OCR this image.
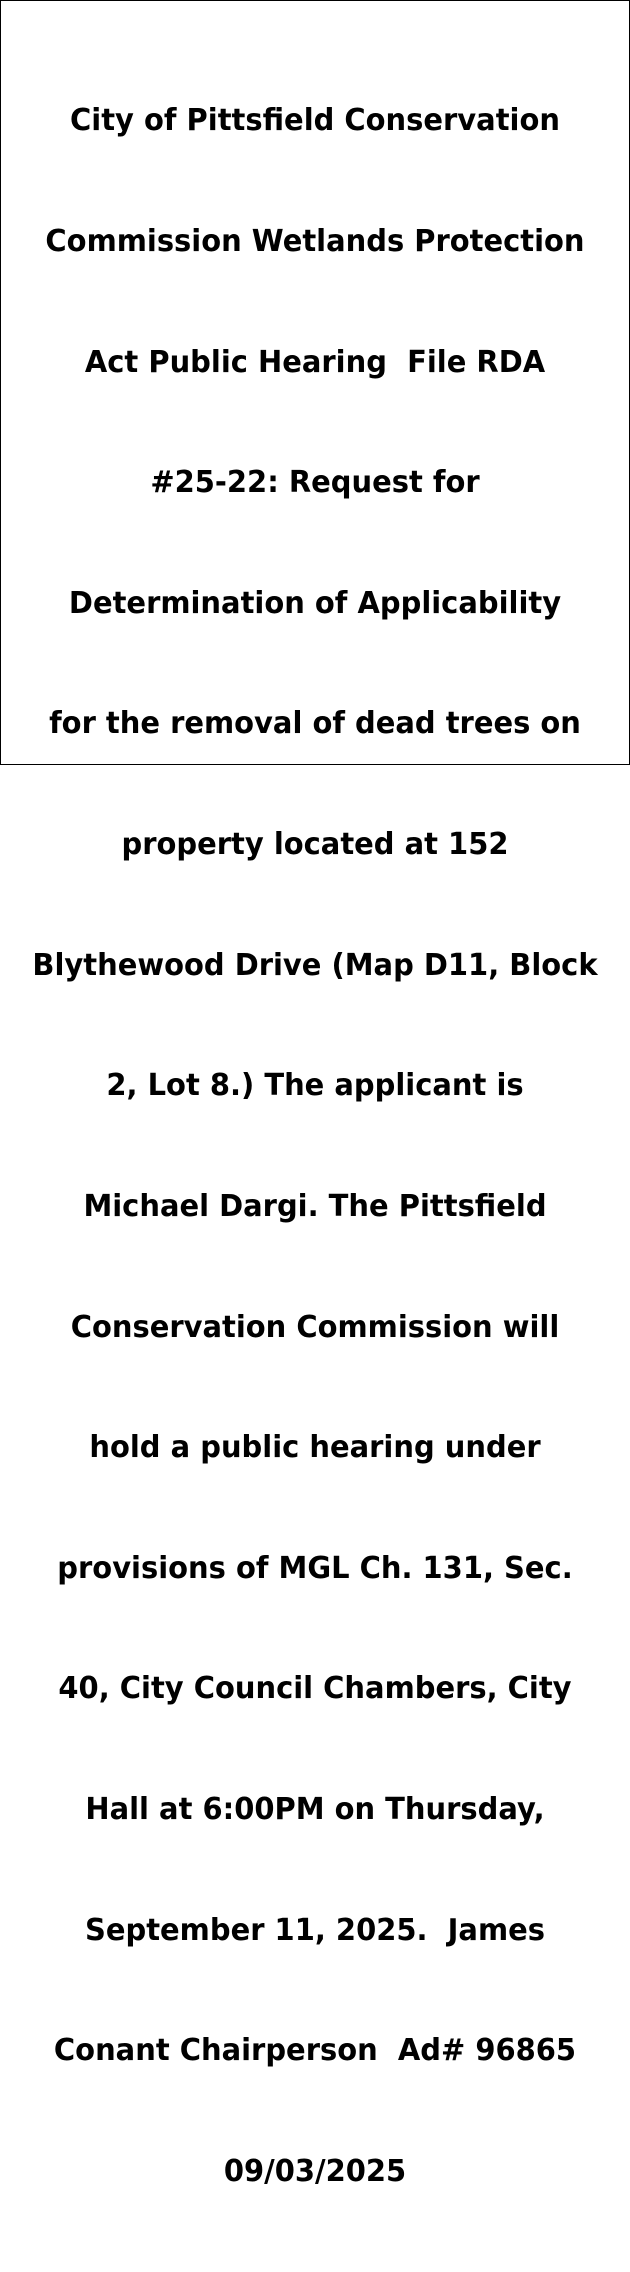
City of Pittsfield Conservation

Commission Wetlands Protection

Act Public Hearing  File RDA

#25-22: Request for

Determination of Applicability

for the removal of dead trees on

property located at 152

Blythewood Drive (Map D11, Block

2, Lot 8.) The applicant is

Michael Dargi. The Pittsfield

Conservation Commission will

hold a public hearing under

provisions of MGL Ch. 131, Sec.

40, City Council Chambers, City

Hall at 6:00PM on Thursday,

September 11, 2025.  James

Conant Chairperson  Ad# 96865

09/03/2025
